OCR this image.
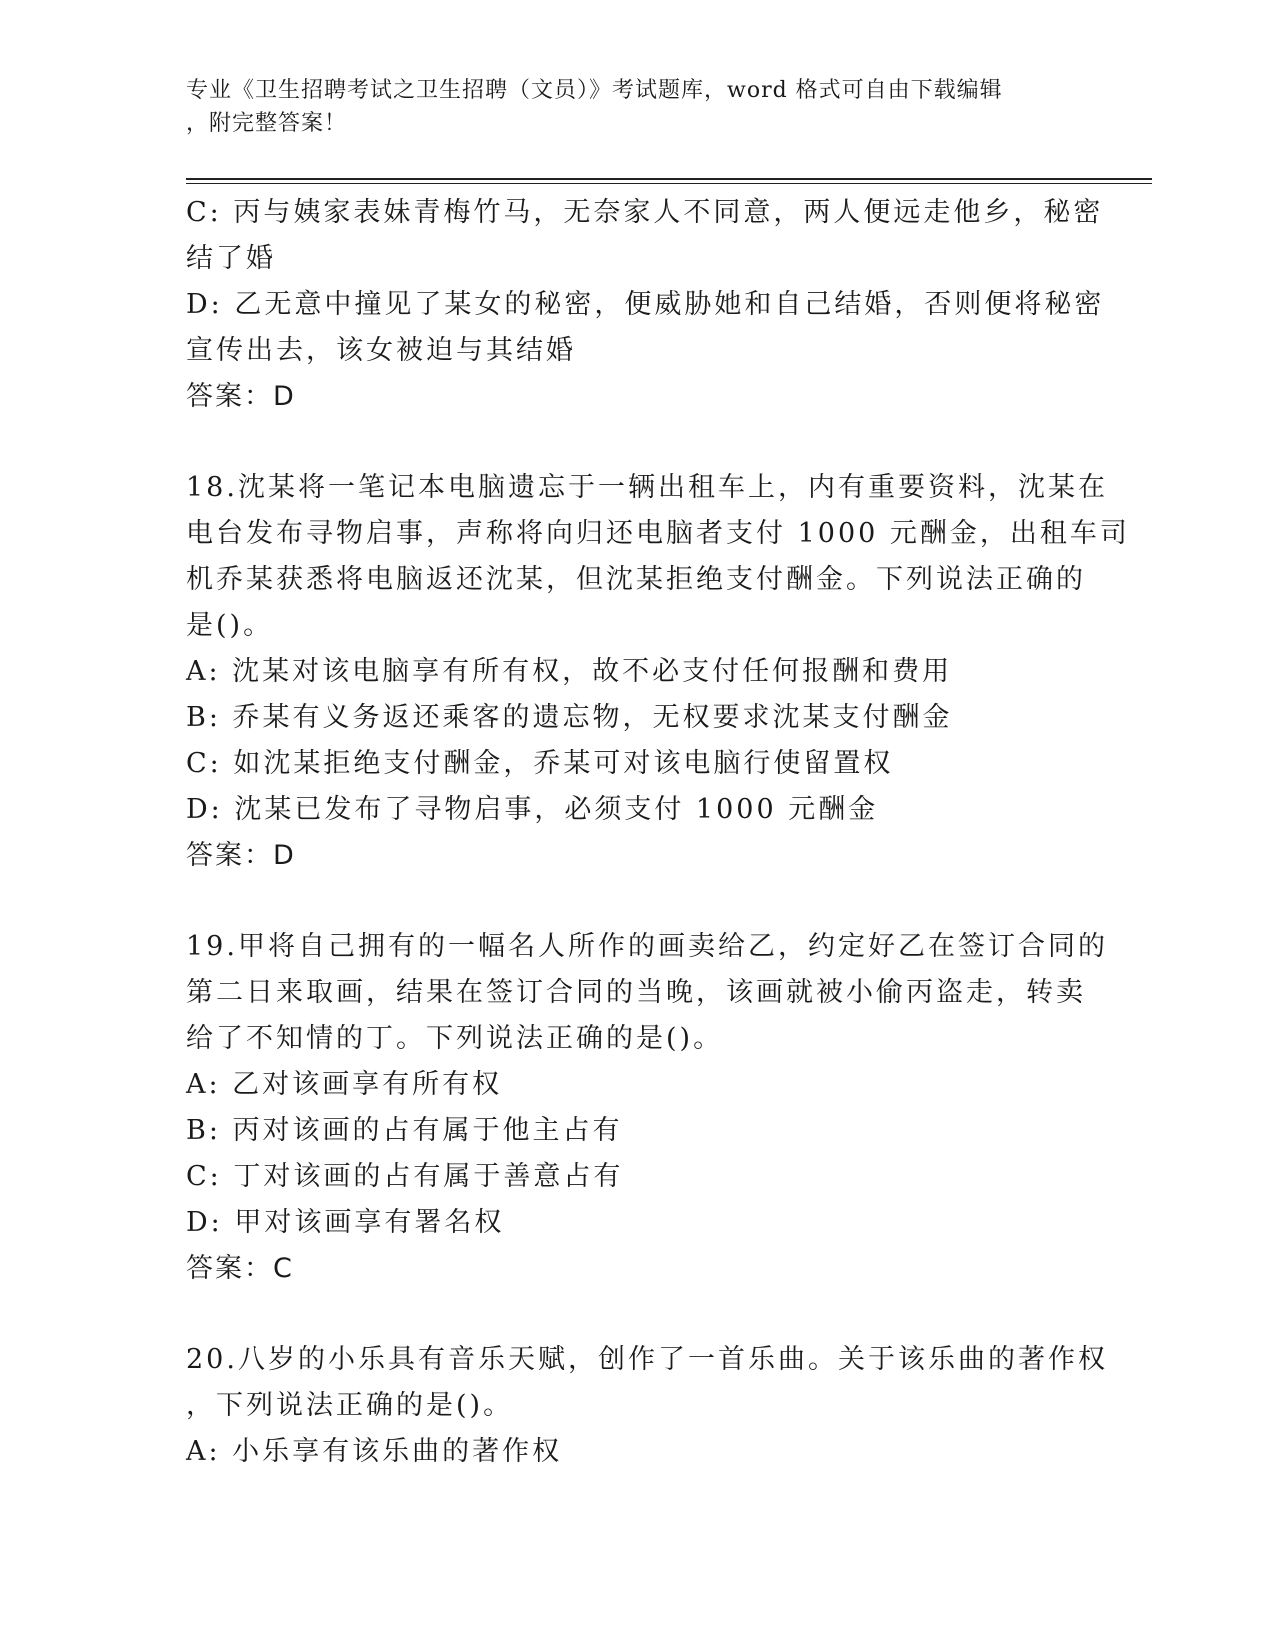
专业《卫生招聘考试之卫生招聘（文员）》考试题库，word 格式可自由下载编辑
，附完整答案！
C: 丙与姨家表妹青梅竹马，无奈家人不同意，两人便远走他乡，秘密
结了婚
D: 乙无意中撞见了某女的秘密，便威胁她和自己结婚，否则便将秘密
宣传出去，该女被迫与其结婚
答案：D
18.沈某将一笔记本电脑遗忘于一辆出租车上，内有重要资料，沈某在
电台发布寻物启事，声称将向归还电脑者支付 1000 元酬金，出租车司
机乔某获悉将电脑返还沈某，但沈某拒绝支付酬金。下列说法正确的
是()。
A: 沈某对该电脑享有所有权，故不必支付任何报酬和费用
B: 乔某有义务返还乘客的遗忘物，无权要求沈某支付酬金
C: 如沈某拒绝支付酬金，乔某可对该电脑行使留置权
D: 沈某已发布了寻物启事，必须支付 1000 元酬金
答案：D
19.甲将自己拥有的一幅名人所作的画卖给乙，约定好乙在签订合同的
第二日来取画，结果在签订合同的当晚，该画就被小偷丙盗走，转卖
给了不知情的丁。下列说法正确的是()。
A: 乙对该画享有所有权
B: 丙对该画的占有属于他主占有
C: 丁对该画的占有属于善意占有
D: 甲对该画享有署名权
答案：C
20.八岁的小乐具有音乐天赋，创作了一首乐曲。关于该乐曲的著作权
，下列说法正确的是()。
A: 小乐享有该乐曲的著作权
